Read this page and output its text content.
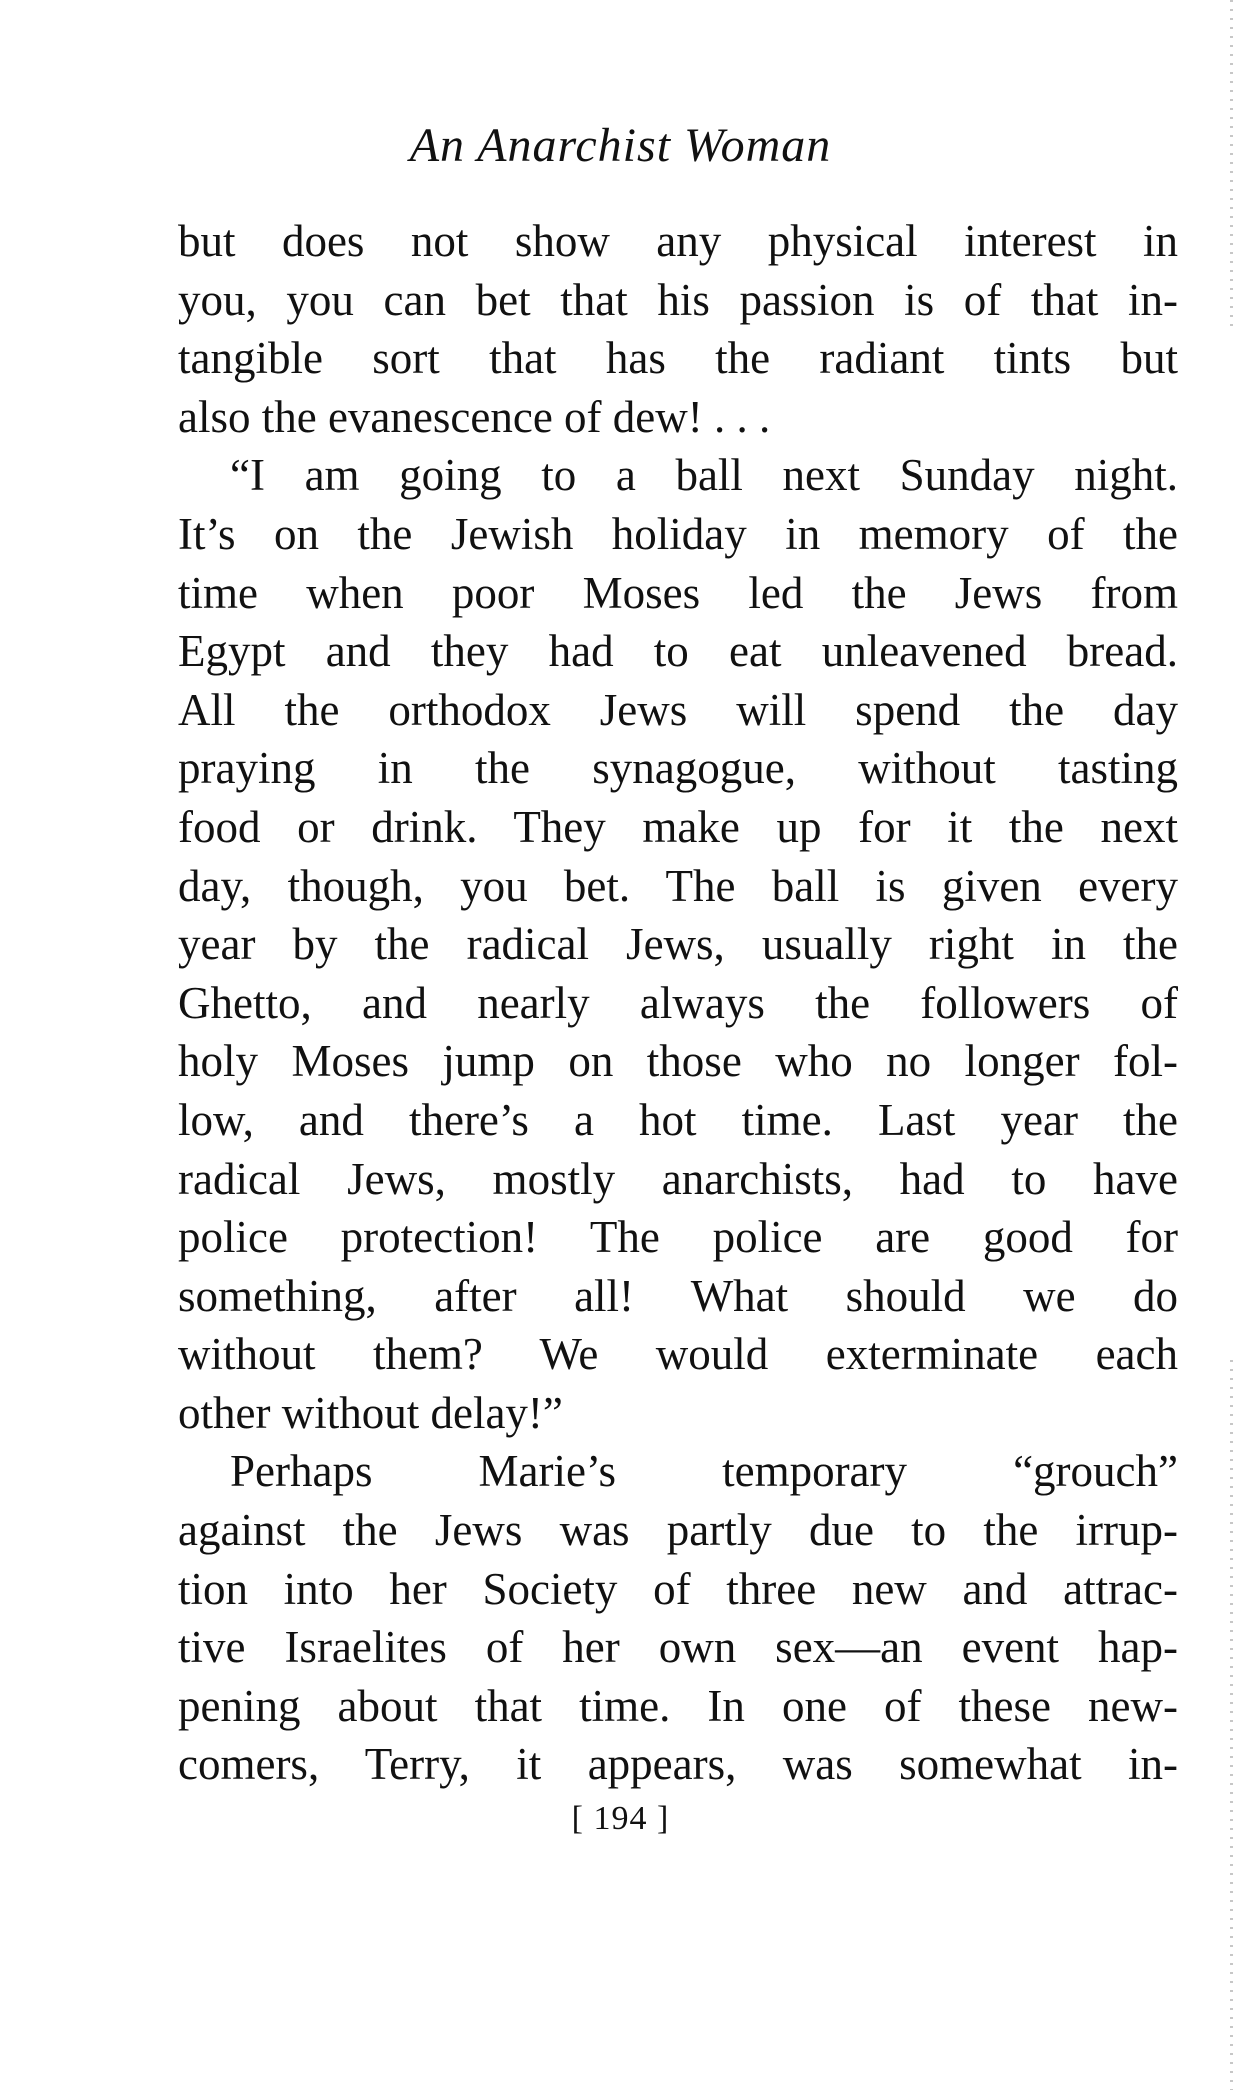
An Anarchist Woman
but does not show any physical interest in
you, you can bet that his passion is of that in-
tangible sort that has the radiant tints but
also the evanescence of dew! . . .
“I am going to a ball next Sunday night.
It’s on the Jewish holiday in memory of the
time when poor Moses led the Jews from
Egypt and they had to eat unleavened bread.
All the orthodox Jews will spend the day
praying in the synagogue, without tasting
food or drink. They make up for it the next
day, though, you bet. The ball is given every
year by the radical Jews, usually right in the
Ghetto, and nearly always the followers of
holy Moses jump on those who no longer fol-
low, and there’s a hot time. Last year the
radical Jews, mostly anarchists, had to have
police protection! The police are good for
something, after all! What should we do
without them? We would exterminate each
other without delay!”
Perhaps Marie’s temporary “grouch”
against the Jews was partly due to the irrup-
tion into her Society of three new and attrac-
tive Israelites of her own sex—an event hap-
pening about that time. In one of these new-
comers, Terry, it appears, was somewhat in-
[ 194 ]
